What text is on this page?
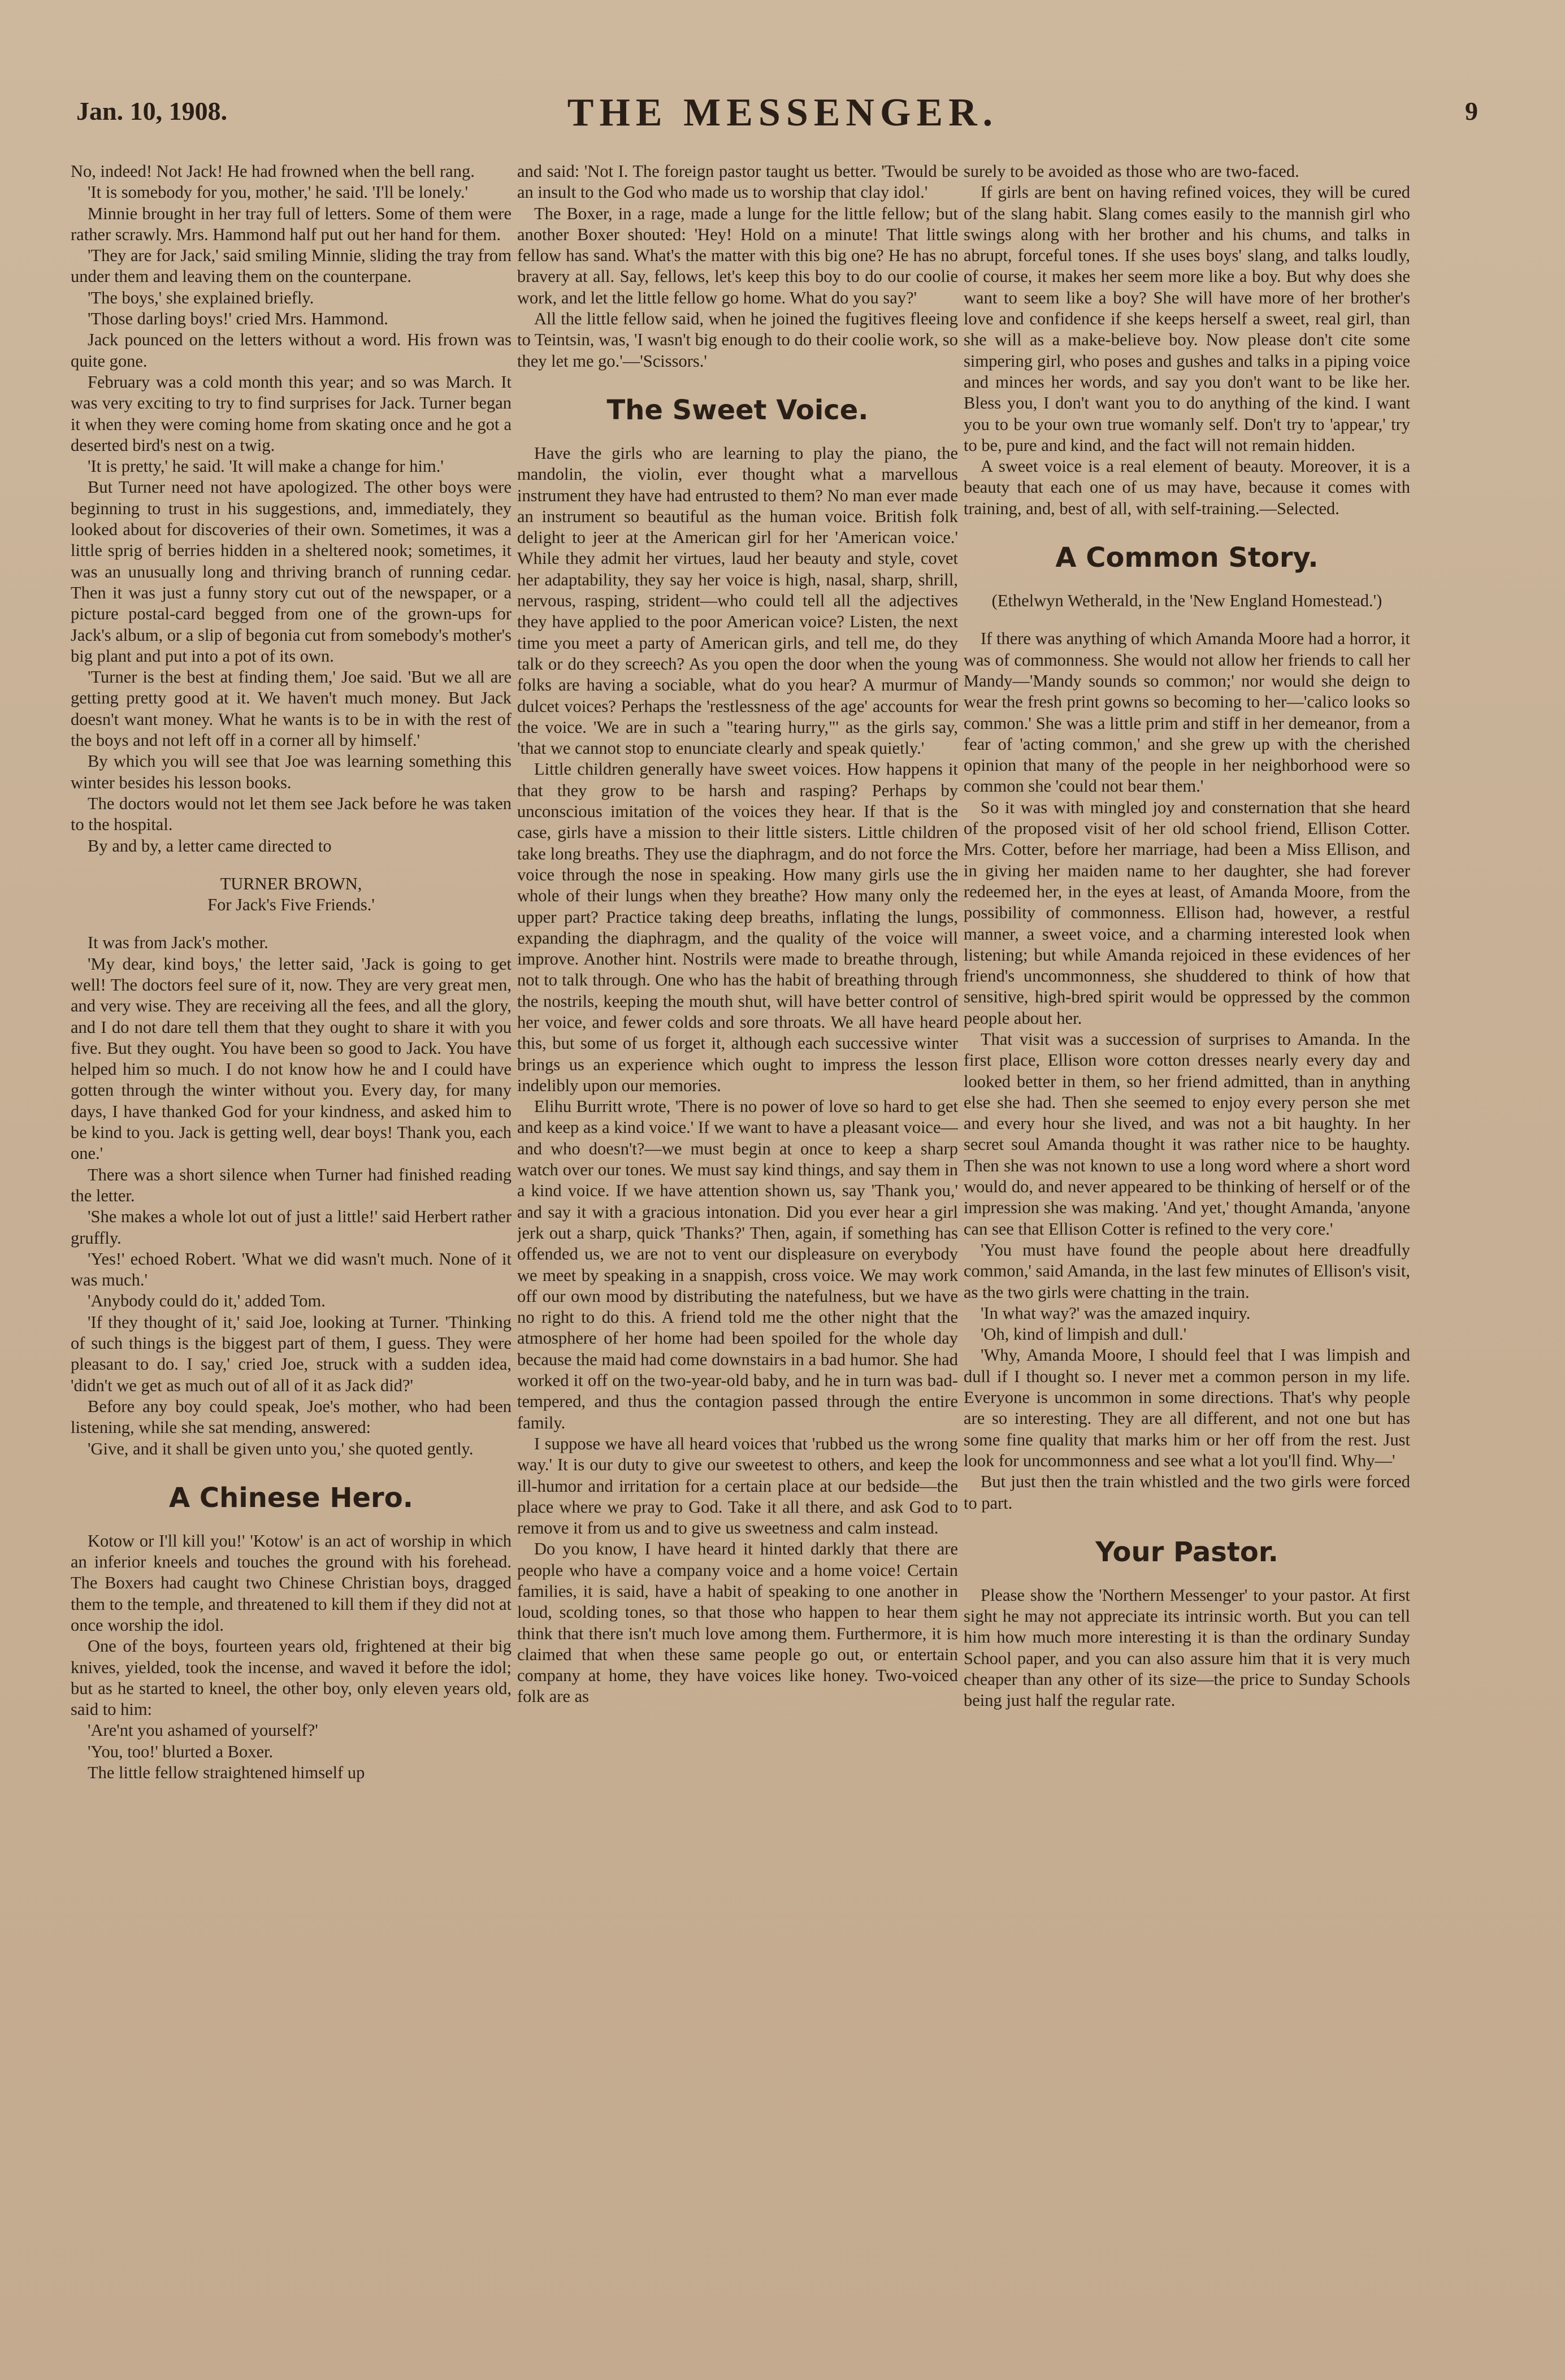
Jan. 10, 1908.	THE MESSENGER.	9

No, indeed! Not Jack! He had frowned when the bell rang.

'It is somebody for you, mother,' he said. 'I'll be lonely.'

Minnie brought in her tray full of letters. Some of them were rather scrawly. Mrs. Hammond half put out her hand for them.

'They are for Jack,' said smiling Minnie, sliding the tray from under them and leaving them on the counterpane.

'The boys,' she explained briefly.

'Those darling boys!' cried Mrs. Hammond.

Jack pounced on the letters without a word. His frown was quite gone.

February was a cold month this year; and so was March. It was very exciting to try to find surprises for Jack. Turner began it when they were coming home from skating once and he got a deserted bird's nest on a twig.

'It is pretty,' he said. 'It will make a change for him.'

But Turner need not have apologized. The other boys were beginning to trust in his suggestions, and, immediately, they looked about for discoveries of their own. Sometimes, it was a little sprig of berries hidden in a sheltered nook; sometimes, it was an unusually long and thriving branch of running cedar. Then it was just a funny story cut out of the newspaper, or a picture postal-card begged from one of the grown-ups for Jack's album, or a slip of begonia cut from somebody's mother's big plant and put into a pot of its own.

'Turner is the best at finding them,' Joe said. 'But we all are getting pretty good at it. We haven't much money. But Jack doesn't want money. What he wants is to be in with the rest of the boys and not left off in a corner all by himself.'

By which you will see that Joe was learning something this winter besides his lesson books.

The doctors would not let them see Jack before he was taken to the hospital.

By and by, a letter came directed to

TURNER BROWN,

For Jack's Five Friends.'

It was from Jack's mother.

'My dear, kind boys,' the letter said, 'Jack is going to get well! The doctors feel sure of it, now. They are very great men, and very wise. They are receiving all the fees, and all the glory, and I do not dare tell them that they ought to share it with you five. But they ought. You have been so good to Jack. You have helped him so much. I do not know how he and I could have gotten through the winter without you. Every day, for many days, I have thanked God for your kindness, and asked him to be kind to you. Jack is getting well, dear boys! Thank you, each one.'

There was a short silence when Turner had finished reading the letter.

'She makes a whole lot out of just a little!' said Herbert rather gruffly.

'Yes!' echoed Robert. 'What we did wasn't much. None of it was much.'

'Anybody could do it,' added Tom.

'If they thought of it,' said Joe, looking at Turner. 'Thinking of such things is the biggest part of them, I guess. They were pleasant to do. I say,' cried Joe, struck with a sudden idea, 'didn't we get as much out of all of it as Jack did?'

Before any boy could speak, Joe's mother, who had been listening, while she sat mending, answered:

'Give, and it shall be given unto you,' she quoted gently.

A Chinese Hero.

Kotow or I'll kill you!' 'Kotow' is an act of worship in which an inferior kneels and touches the ground with his forehead. The Boxers had caught two Chinese Christian boys, dragged them to the temple, and threatened to kill them if they did not at once worship the idol.

One of the boys, fourteen years old, frightened at their big knives, yielded, took the incense, and waved it before the idol; but as he started to kneel, the other boy, only eleven years old, said to him:

'Are'nt you ashamed of yourself?'

'You, too!' blurted a Boxer.

The little fellow straightened himself up

and said: 'Not I. The foreign pastor taught us better. 'Twould be an insult to the God who made us to worship that clay idol.'

The Boxer, in a rage, made a lunge for the little fellow; but another Boxer shouted: 'Hey! Hold on a minute! That little fellow has sand. What's the matter with this big one? He has no bravery at all. Say, fellows, let's keep this boy to do our coolie work, and let the little fellow go home. What do you say?'

All the little fellow said, when he joined the fugitives fleeing to Teintsin, was, 'I wasn't big enough to do their coolie work, so they let me go.'—'Scissors.'

The Sweet Voice.

Have the girls who are learning to play the piano, the mandolin, the violin, ever thought what a marvellous instrument they have had entrusted to them? No man ever made an instrument so beautiful as the human voice. British folk delight to jeer at the American girl for her 'American voice.' While they admit her virtues, laud her beauty and style, covet her adaptability, they say her voice is high, nasal, sharp, shrill, nervous, rasping, strident—who could tell all the adjectives they have applied to the poor American voice? Listen, the next time you meet a party of American girls, and tell me, do they talk or do they screech? As you open the door when the young folks are having a sociable, what do you hear? A murmur of dulcet voices? Perhaps the 'restlessness of the age' accounts for the voice. 'We are in such a "tearing hurry,"' as the girls say, 'that we cannot stop to enunciate clearly and speak quietly.'

Little children generally have sweet voices. How happens it that they grow to be harsh and rasping? Perhaps by unconscious imitation of the voices they hear. If that is the case, girls have a mission to their little sisters. Little children take long breaths. They use the diaphragm, and do not force the voice through the nose in speaking. How many girls use the whole of their lungs when they breathe? How many only the upper part? Practice taking deep breaths, inflating the lungs, expanding the diaphragm, and the quality of the voice will improve. Another hint. Nostrils were made to breathe through, not to talk through. One who has the habit of breathing through the nostrils, keeping the mouth shut, will have better control of her voice, and fewer colds and sore throats. We all have heard this, but some of us forget it, although each successive winter brings us an experience which ought to impress the lesson indelibly upon our memories.

Elihu Burritt wrote, 'There is no power of love so hard to get and keep as a kind voice.' If we want to have a pleasant voice—and who doesn't?—we must begin at once to keep a sharp watch over our tones. We must say kind things, and say them in a kind voice. If we have attention shown us, say 'Thank you,' and say it with a gracious intonation. Did you ever hear a girl jerk out a sharp, quick 'Thanks?' Then, again, if something has offended us, we are not to vent our displeasure on everybody we meet by speaking in a snappish, cross voice. We may work off our own mood by distributing the natefulness, but we have no right to do this. A friend told me the other night that the atmosphere of her home had been spoiled for the whole day because the maid had come downstairs in a bad humor. She had worked it off on the two-year-old baby, and he in turn was bad-tempered, and thus the contagion passed through the entire family.

I suppose we have all heard voices that 'rubbed us the wrong way.' It is our duty to give our sweetest to others, and keep the ill-humor and irritation for a certain place at our bedside—the place where we pray to God. Take it all there, and ask God to remove it from us and to give us sweetness and calm instead.

Do you know, I have heard it hinted darkly that there are people who have a company voice and a home voice! Certain families, it is said, have a habit of speaking to one another in loud, scolding tones, so that those who happen to hear them think that there isn't much love among them. Furthermore, it is claimed that when these same people go out, or entertain company at home, they have voices like honey. Two-voiced folk are as

surely to be avoided as those who are two-faced.

If girls are bent on having refined voices, they will be cured of the slang habit. Slang comes easily to the mannish girl who swings along with her brother and his chums, and talks in abrupt, forceful tones. If she uses boys' slang, and talks loudly, of course, it makes her seem more like a boy. But why does she want to seem like a boy? She will have more of her brother's love and confidence if she keeps herself a sweet, real girl, than she will as a make-believe boy. Now please don't cite some simpering girl, who poses and gushes and talks in a piping voice and minces her words, and say you don't want to be like her. Bless you, I don't want you to do anything of the kind. I want you to be your own true womanly self. Don't try to 'appear,' try to be, pure and kind, and the fact will not remain hidden.

A sweet voice is a real element of beauty. Moreover, it is a beauty that each one of us may have, because it comes with training, and, best of all, with self-training.—Selected.

A Common Story.

(Ethelwyn Wetherald, in the 'New England Homestead.')

If there was anything of which Amanda Moore had a horror, it was of commonness. She would not allow her friends to call her Mandy—'Mandy sounds so common;' nor would she deign to wear the fresh print gowns so becoming to her—'calico looks so common.' She was a little prim and stiff in her demeanor, from a fear of 'acting common,' and she grew up with the cherished opinion that many of the people in her neighborhood were so common she 'could not bear them.'

So it was with mingled joy and consternation that she heard of the proposed visit of her old school friend, Ellison Cotter. Mrs. Cotter, before her marriage, had been a Miss Ellison, and in giving her maiden name to her daughter, she had forever redeemed her, in the eyes at least, of Amanda Moore, from the possibility of commonness. Ellison had, however, a restful manner, a sweet voice, and a charming interested look when listening; but while Amanda rejoiced in these evidences of her friend's uncommonness, she shuddered to think of how that sensitive, high-bred spirit would be oppressed by the common people about her.

That visit was a succession of surprises to Amanda. In the first place, Ellison wore cotton dresses nearly every day and looked better in them, so her friend admitted, than in anything else she had. Then she seemed to enjoy every person she met and every hour she lived, and was not a bit haughty. In her secret soul Amanda thought it was rather nice to be haughty. Then she was not known to use a long word where a short word would do, and never appeared to be thinking of herself or of the impression she was making. 'And yet,' thought Amanda, 'anyone can see that Ellison Cotter is refined to the very core.'

'You must have found the people about here dreadfully common,' said Amanda, in the last few minutes of Ellison's visit, as the two girls were chatting in the train.

'In what way?' was the amazed inquiry.

'Oh, kind of limpish and dull.'

'Why, Amanda Moore, I should feel that I was limpish and dull if I thought so. I never met a common person in my life. Everyone is uncommon in some directions. That's why people are so interesting. They are all different, and not one but has some fine quality that marks him or her off from the rest. Just look for uncommonness and see what a lot you'll find. Why—'

But just then the train whistled and the two girls were forced to part.

Your Pastor.

Please show the 'Northern Messenger' to your pastor. At first sight he may not appreciate its intrinsic worth. But you can tell him how much more interesting it is than the ordinary Sunday School paper, and you can also assure him that it is very much cheaper than any other of its size—the price to Sunday Schools being just half the regular rate.
